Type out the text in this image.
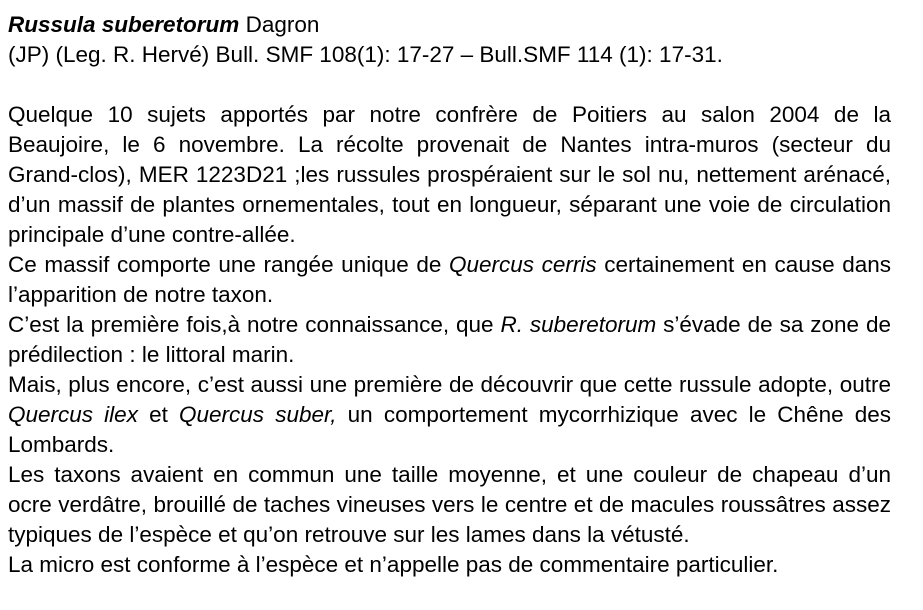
Russula suberetorum Dagron
(JP) (Leg. R. Hervé) Bull. SMF 108(1): 17-27 – Bull.SMF 114 (1): 17-31.

Quelque 10 sujets apportés par notre confrère de Poitiers au salon 2004 de la Beaujoire, le 6 novembre. La récolte provenait de Nantes intra-muros (secteur du Grand-clos), MER 1223D21 ;les russules prospéraient sur le sol nu, nettement arénacé, d’un massif de plantes ornementales, tout en longueur, séparant une voie de circulation principale d’une contre-allée.

Ce massif comporte une rangée unique de Quercus cerris certainement en cause dans l’apparition de notre taxon.

C’est la première fois,à notre connaissance, que R. suberetorum s’évade de sa zone de prédilection : le littoral marin.

Mais, plus encore, c’est aussi une première de découvrir que cette russule adopte, outre Quercus ilex et Quercus suber, un comportement mycorrhizique avec le Chêne des Lombards.

Les taxons avaient en commun une taille moyenne, et une couleur de chapeau d’un ocre verdâtre, brouillé de taches vineuses vers le centre et de macules roussâtres assez typiques de l’espèce et qu’on retrouve sur les lames dans la vétusté.

La micro est conforme à l’espèce et n’appelle pas de commentaire particulier.
